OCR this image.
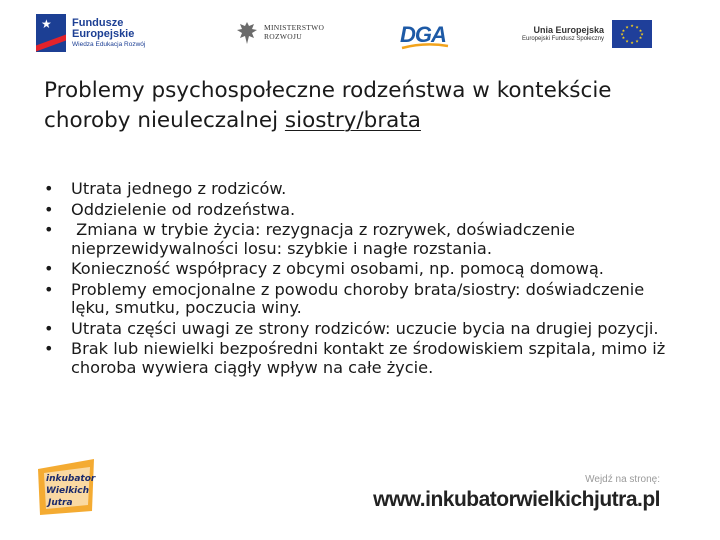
★ Fundusze
Europejskie
Wiedza Edukacja Rozwój
MINISTERSTWO
ROZWOJU	DGA	Unia Europejska
Europejski Fundusz Społeczny
★ ★
★
★
★
★
★
★
★
★
★
★
Problemy psychospołeczne rodzeństwa w kontekście
choroby nieuleczalnej siostry/brata
• Utrata jednego z rodziców.
• Oddzielenie od rodzeństwa.
• Zmiana w trybie życia: rezygnacja z rozrywek, doświadczenie nieprzewidywalności losu: szybkie i nagłe rozstania.
• Konieczność współpracy z obcymi osobami, np. pomocą domową.
• Problemy emocjonalne z powodu choroby brata/siostry: doświadczenie lęku, smutku, poczucia winy.
• Utrata części uwagi ze strony rodziców: uczucie bycia na drugiej pozycji.
• Brak lub niewielki bezpośredni kontakt ze środowiskiem szpitala, mimo iż choroba wywiera ciągły wpływ na całe życie.
inkubator
Wielkich
Jutra
Wejdź na stronę:
www.inkubatorwielkichjutra.pl
